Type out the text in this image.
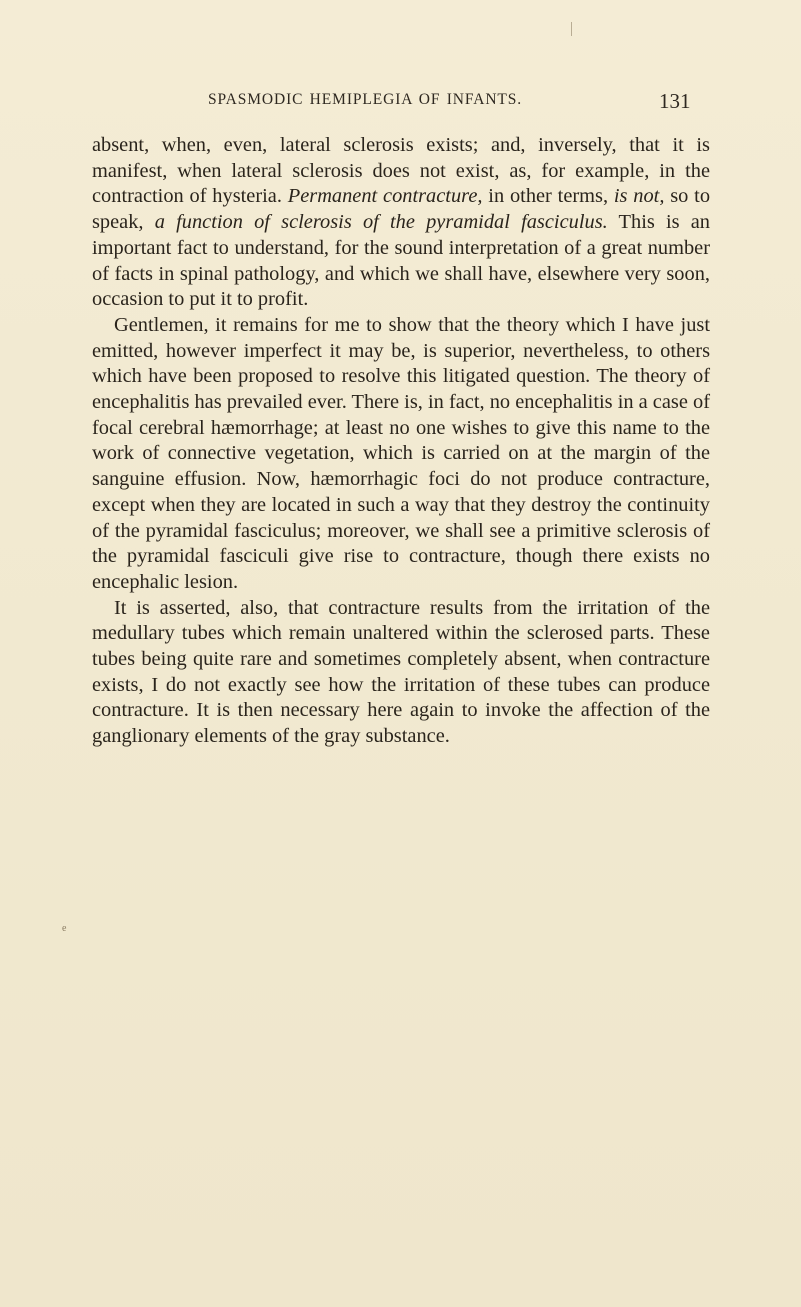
SPASMODIC HEMIPLEGIA OF INFANTS.	131

absent, when, even, lateral sclerosis exists; and, inversely, that it is manifest, when lateral sclerosis does not exist, as, for example, in the contraction of hysteria. Permanent contracture, in other terms, is not, so to speak, a function of sclerosis of the pyramidal fasciculus. This is an important fact to understand, for the sound interpretation of a great number of facts in spinal pathology, and which we shall have, elsewhere very soon, occasion to put it to profit.

Gentlemen, it remains for me to show that the theory which I have just emitted, however imperfect it may be, is superior, nevertheless, to others which have been proposed to resolve this litigated question. The theory of encephalitis has prevailed ever. There is, in fact, no encephalitis in a case of focal cerebral hæmorrhage; at least no one wishes to give this name to the work of connective vegetation, which is carried on at the margin of the sanguine effusion. Now, hæmorrhagic foci do not produce contracture, except when they are located in such a way that they destroy the continuity of the pyramidal fasciculus; moreover, we shall see a primitive sclerosis of the pyramidal fasciculi give rise to contracture, though there exists no encephalic lesion.

It is asserted, also, that contracture results from the irritation of the medullary tubes which remain unaltered within the sclerosed parts. These tubes being quite rare and sometimes completely absent, when contracture exists, I do not exactly see how the irritation of these tubes can produce contracture. It is then necessary here again to invoke the affection of the ganglionary elements of the gray substance.

e
